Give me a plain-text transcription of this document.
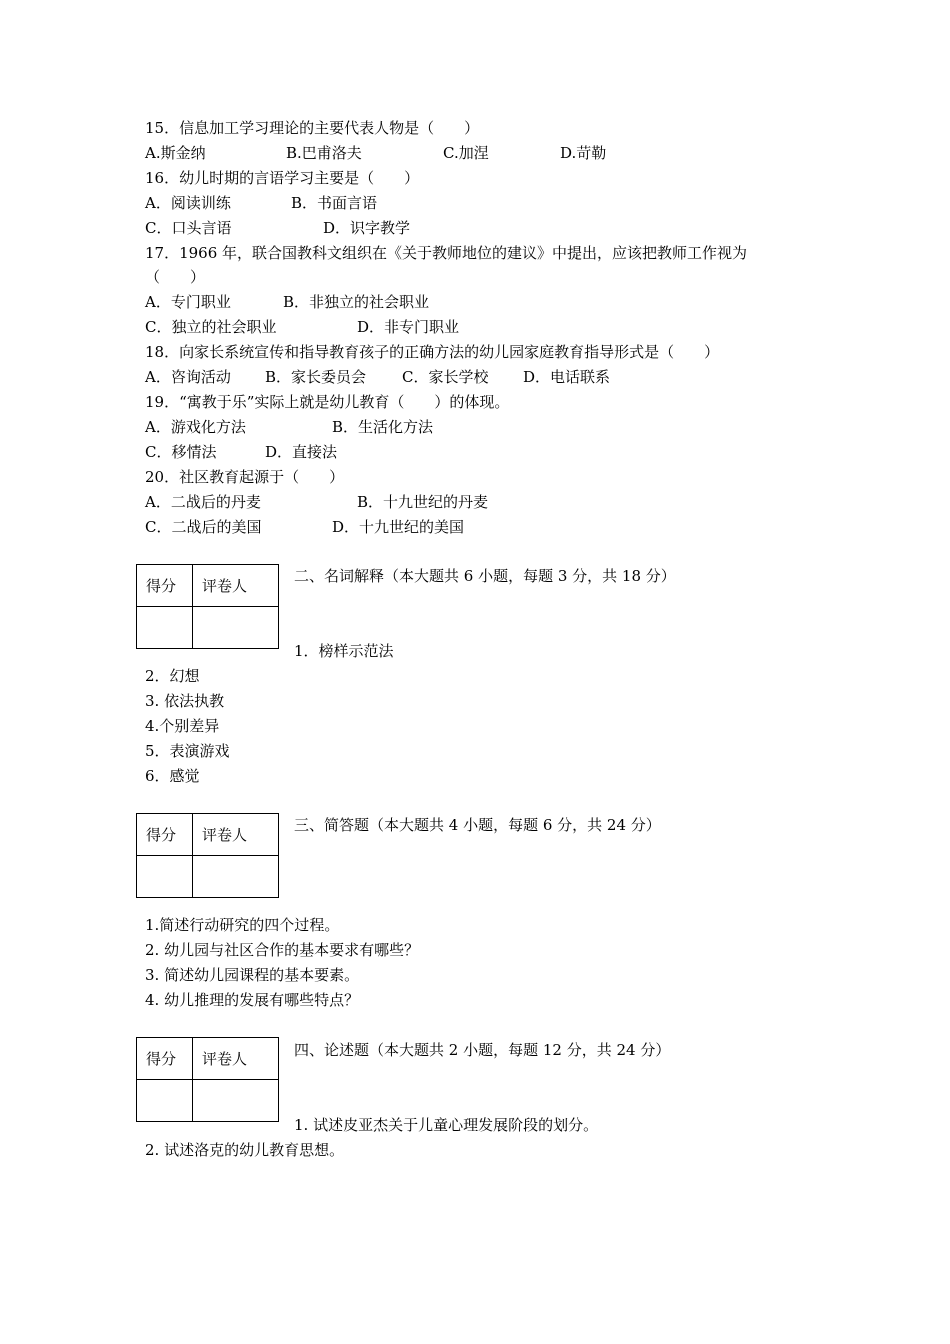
15．信息加工学习理论的主要代表人物是（　　）
A.斯金纳	B.巴甫洛夫	C.加涅	D.苛勒
16．幼儿时期的言语学习主要是（　　）
A．阅读训练	B．书面言语
C．口头言语	D．识字教学
17．1966 年，联合国教科文组织在《关于教师地位的建议》中提出，应该把教师工作视为
（　　）
A．专门职业	B．非独立的社会职业
C．独立的社会职业	D．非专门职业
18．向家长系统宣传和指导教育孩子的正确方法的幼儿园家庭教育指导形式是（　　）
A．咨询活动 B．家长委员会 C．家长学校 D．电话联系
19．“寓教于乐”实际上就是幼儿教育（　　）的体现。
A．游戏化方法	B．生活化方法
C．移情法	D．直接法
20．社区教育起源于（　　）
A．二战后的丹麦	B．十九世纪的丹麦
C．二战后的美国	D．十九世纪的美国
得分	评卷人

二、名词解释（本大题共 6 小题，每题 3 分，共 18 分）
1．榜样示范法
2．幻想
3. 依法执教
4.个别差异
5．表演游戏
6．感觉
得分	评卷人

三、简答题（本大题共 4 小题，每题 6 分，共 24 分）
1.简述行动研究的四个过程。
2. 幼儿园与社区合作的基本要求有哪些？
3. 简述幼儿园课程的基本要素。
4. 幼儿推理的发展有哪些特点？
得分	评卷人
		四、论述题（本大题共 2 小题，每题 12 分，共 24 分）
1. 试述皮亚杰关于儿童心理发展阶段的划分。
2. 试述洛克的幼儿教育思想。
